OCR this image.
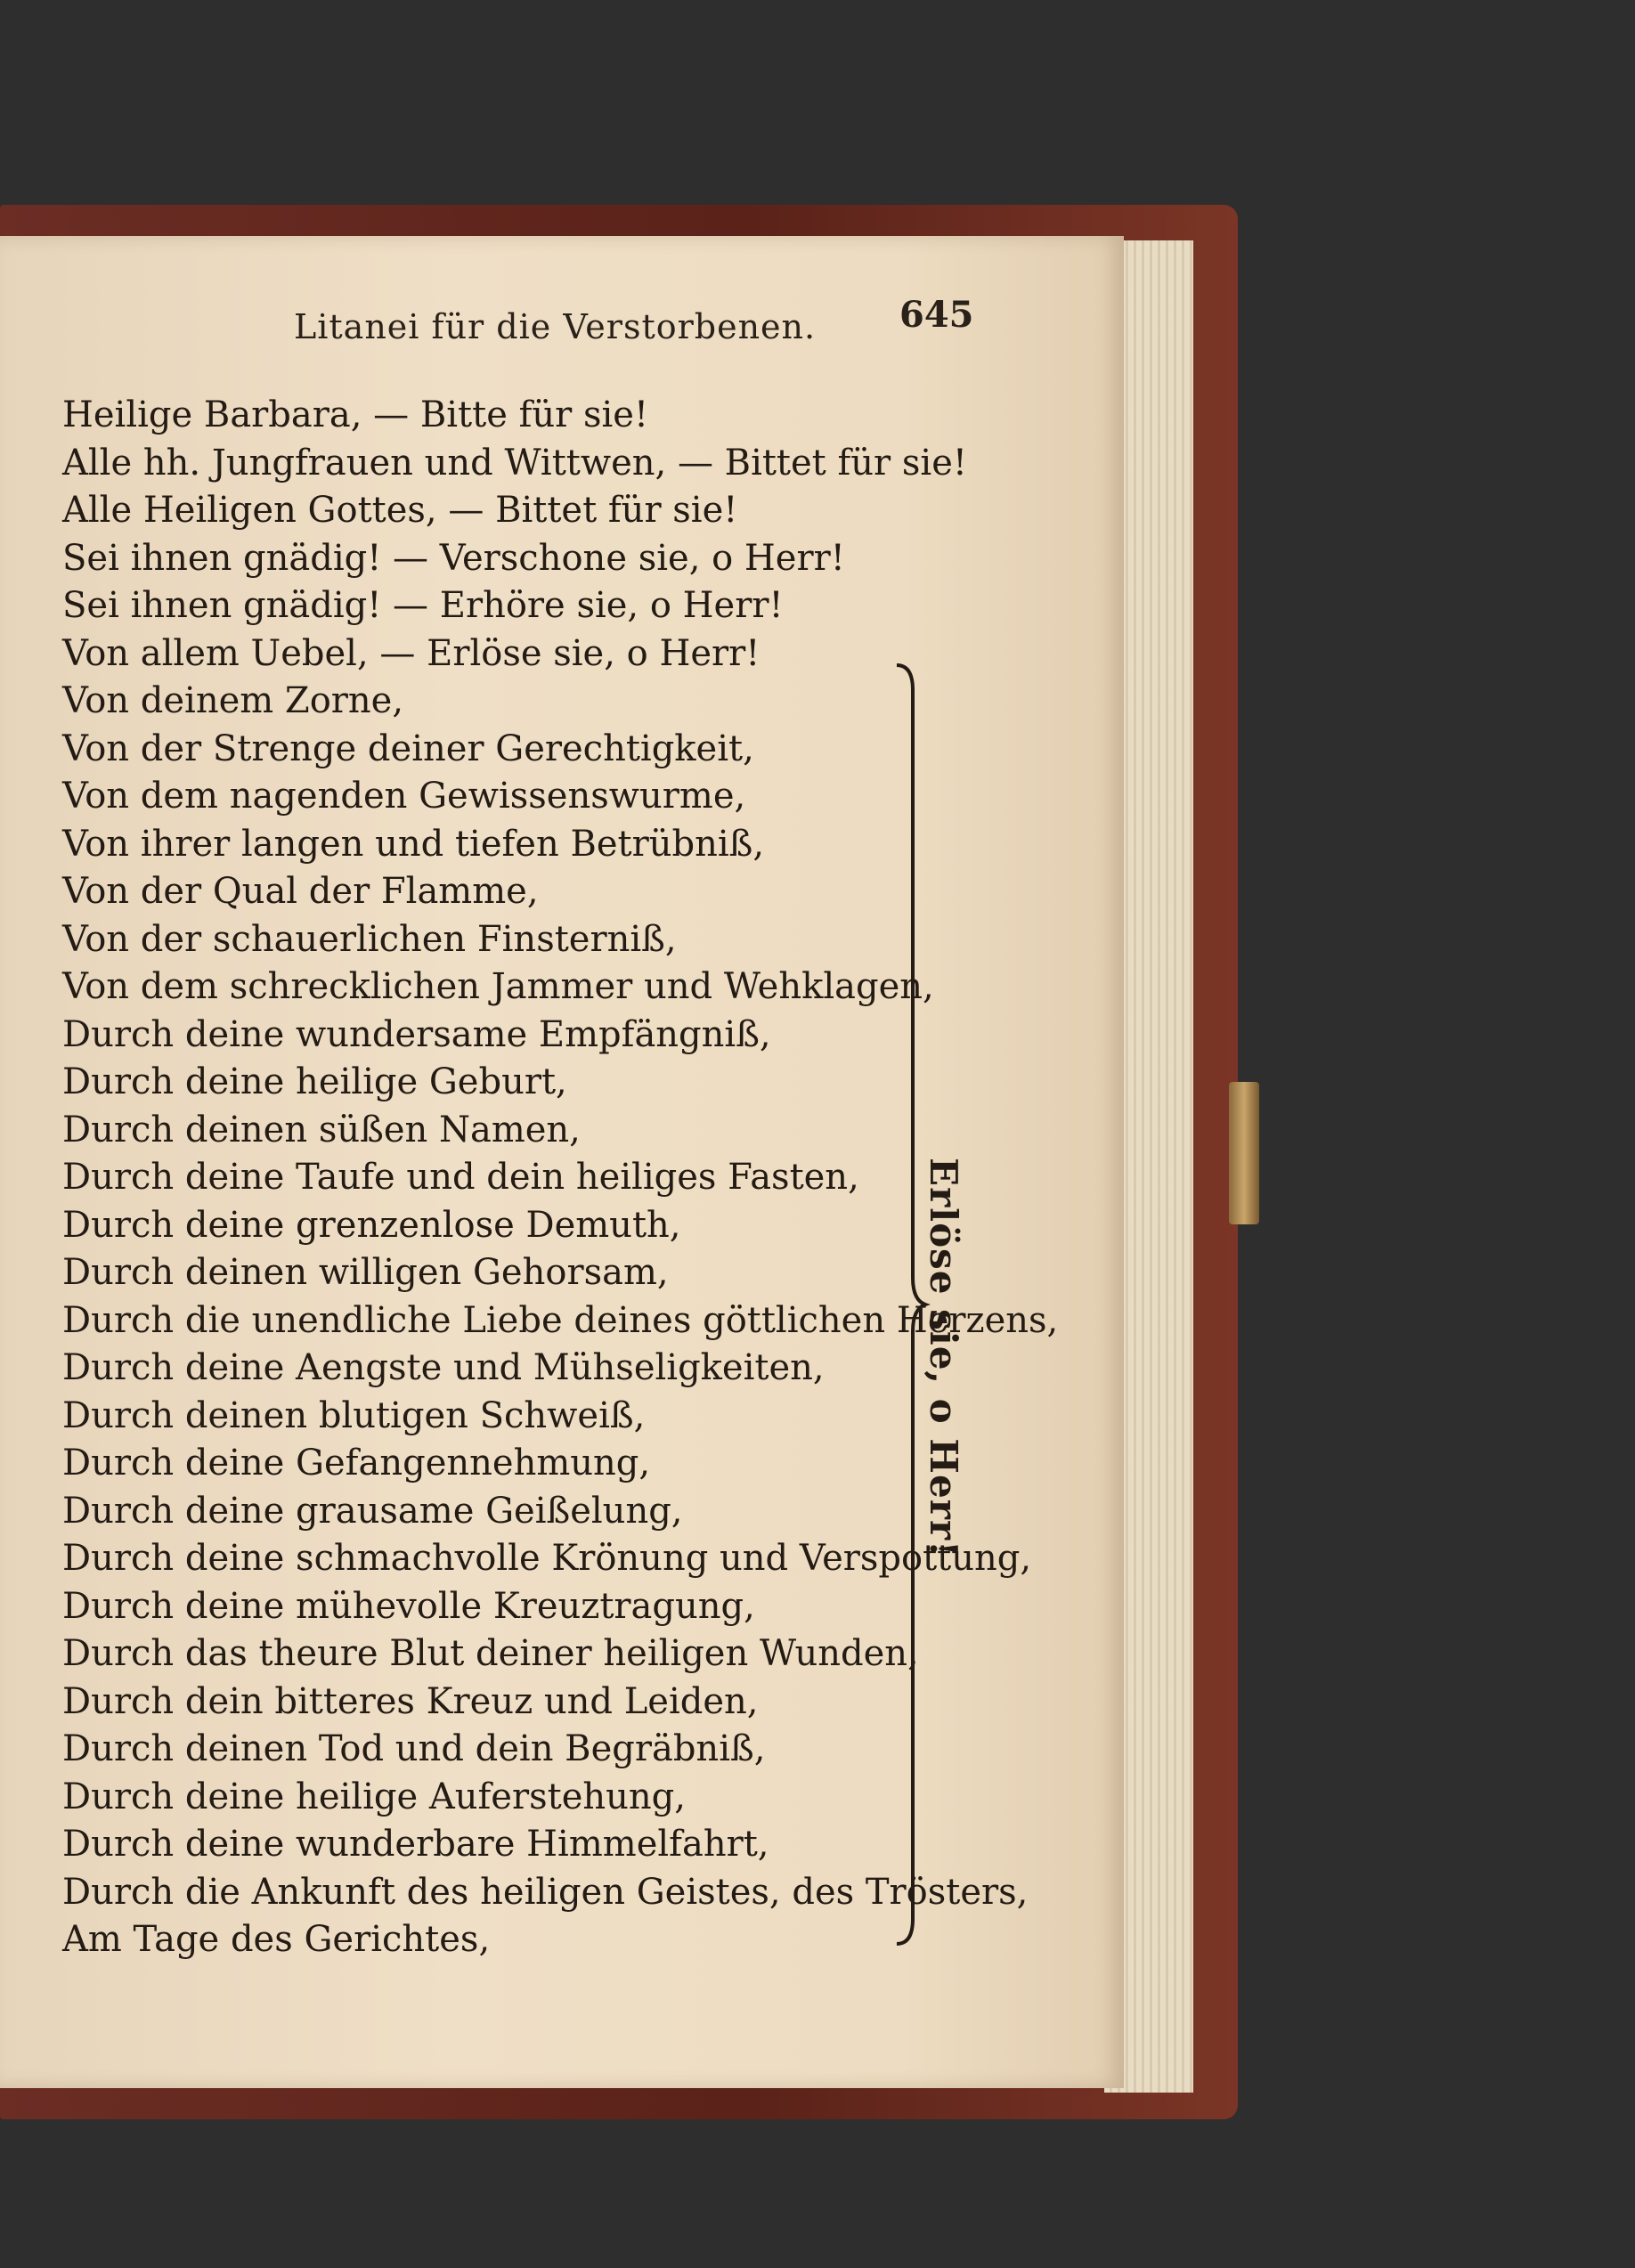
Litanei für die Verstorbenen.	645
Heilige Barbara, — Bitte für sie!
Alle hh. Jungfrauen und Wittwen, — Bittet für sie!
Alle Heiligen Gottes, — Bittet für sie!
Sei ihnen gnädig! — Verschone sie, o Herr!
Sei ihnen gnädig! — Erhöre sie, o Herr!
Von allem Uebel, — Erlöse sie, o Herr!
Von deinem Zorne,
Von der Strenge deiner Gerechtigkeit,
Von dem nagenden Gewissenswurme,
Von ihrer langen und tiefen Betrübniß,
Von der Qual der Flamme,
Von der schauerlichen Finsterniß,
Von dem schrecklichen Jammer und Wehklagen,
Durch deine wundersame Empfängniß,
Durch deine heilige Geburt,
Durch deinen süßen Namen,
Durch deine Taufe und dein heiliges Fasten,
Durch deine grenzenlose Demuth,
Durch deinen willigen Gehorsam,
Durch die unendliche Liebe deines göttlichen Herzens,
Durch deine Aengste und Mühseligkeiten,
Durch deinen blutigen Schweiß,
Durch deine Gefangennehmung,
Durch deine grausame Geißelung,
Durch deine schmachvolle Krönung und Verspottung,
Durch deine mühevolle Kreuztragung,
Durch das theure Blut deiner heiligen Wunden,
Durch dein bitteres Kreuz und Leiden,
Durch deinen Tod und dein Begräbniß,
Durch deine heilige Auferstehung,
Durch deine wunderbare Himmelfahrt,
Durch die Ankunft des heiligen Geistes, des Trösters,
Am Tage des Gerichtes,
Erlöse sie, o Herr!
